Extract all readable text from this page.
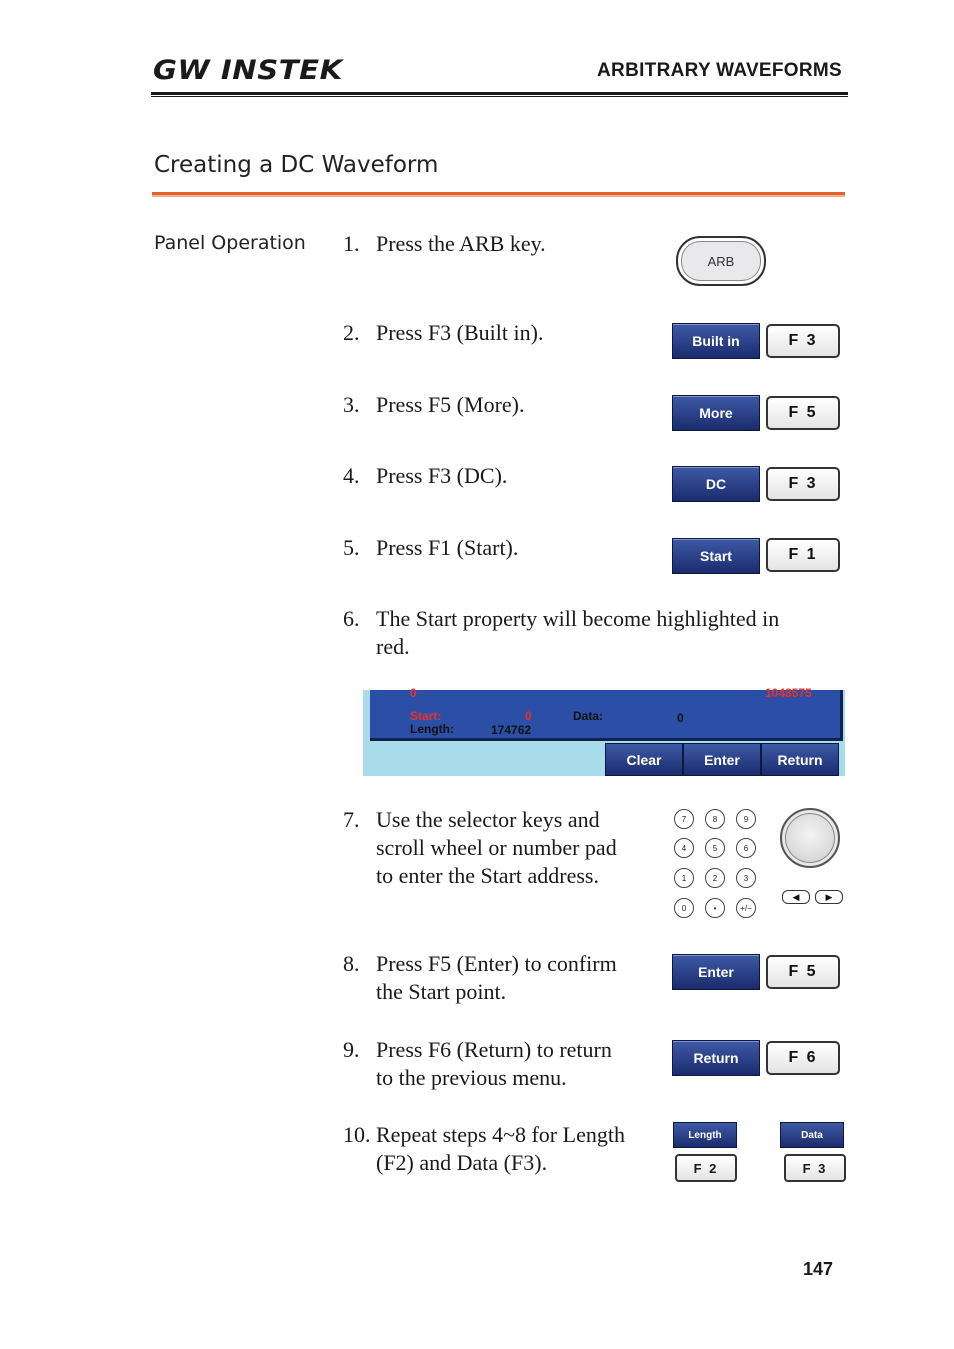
GW INSTEK	ARBITRARY WAVEFORMS
Creating a DC Waveform
Panel Operation 1. Press the ARB key.
2. Press F3 (Built in).
3. Press F5 (More).
4. Press F3 (DC).
5. Press F1 (Start).
6. The Start property will become highlighted in
red.
7. Use the selector keys and
scroll wheel or number pad
to enter the Start address.
8. Press F5 (Enter) to confirm
the Start point.
9. Press F6 (Return) to return
to the previous menu.
10. Repeat steps 4~8 for Length
(F2) and Data (F3).
ARB
Built in	F 3
More	F 5
DC	F 3
Start	F 1
0	1048575
Start:	0
Length:	174762
Data:	0
Clear	Enter	Return
7	8	9
4	5	6
1	2	3
0	•	+/−
◀	▶
Enter	F 5
Return	F 6
Length
F 2
Data
F 3
147
